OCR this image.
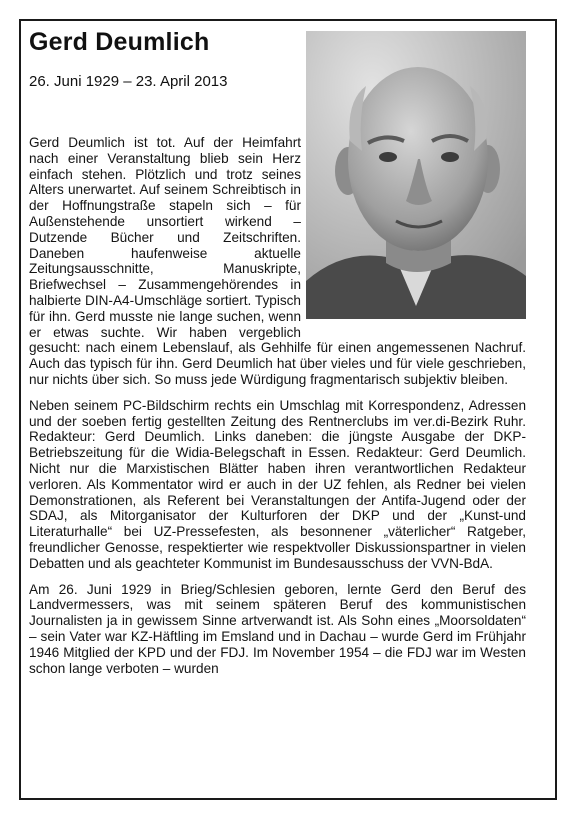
Gerd Deumlich
26. Juni 1929 – 23. April 2013

Gerd Deumlich ist tot. Auf der Heimfahrt nach einer Veranstaltung blieb sein Herz einfach stehen. Plötzlich und trotz seines Alters unerwartet. Auf seinem Schreibtisch in der Hoffnungstraße stapeln sich – für Außenstehende unsortiert wirkend – Dutzende Bücher und Zeitschriften. Daneben haufenweise aktuelle Zeitungsausschnitte, Manuskripte, Briefwechsel – Zusammengehörendes in halbierte DIN-A4-Umschläge sortiert. Typisch für ihn. Gerd musste nie lange suchen, wenn er etwas suchte. Wir haben vergeblich gesucht: nach einem Lebenslauf, als Gehhilfe für einen angemessenen Nachruf. Auch das typisch für ihn. Gerd Deumlich hat über vieles und für viele geschrieben, nur nichts über sich. So muss jede Würdigung fragmentarisch subjektiv bleiben.

Neben seinem PC-Bildschirm rechts ein Umschlag mit Korrespondenz, Adressen und der soeben fertig gestellten Zeitung des Rentnerclubs im ver.di-Bezirk Ruhr. Redakteur: Gerd Deumlich. Links daneben: die jüngste Ausgabe der DKP-Betriebszeitung für die Widia-Belegschaft in Essen. Redakteur: Gerd Deumlich. Nicht nur die Marxistischen Blätter haben ihren verantwortlichen Redakteur verloren. Als Kommentator wird er auch in der UZ fehlen, als Redner bei vielen Demonstrationen, als Referent bei Veranstaltungen der Antifa-Jugend oder der SDAJ, als Mitorganisator der Kulturforen der DKP und der „Kunst-und Literaturhalle“ bei UZ-Pressefesten, als besonnener „väterlicher“ Ratgeber, freundlicher Genosse, respektierter wie respektvoller Diskussionspartner in vielen Debatten und als geachteter Kommunist im Bundesausschuss der VVN-BdA.

Am 26. Juni 1929 in Brieg/Schlesien geboren, lernte Gerd den Beruf des Landvermessers, was mit seinem späteren Beruf des kommunistischen Journalisten ja in gewissem Sinne artverwandt ist. Als Sohn eines „Moorsoldaten“ – sein Vater war KZ-Häftling im Emsland und in Dachau – wurde Gerd im Frühjahr 1946 Mitglied der KPD und der FDJ. Im November 1954 – die FDJ war im Westen schon lange verboten – wurden
